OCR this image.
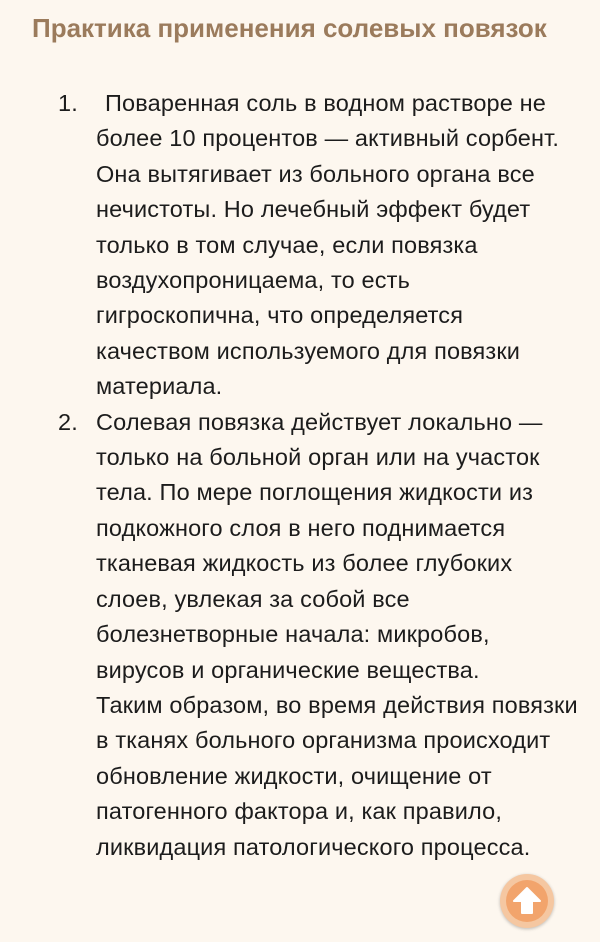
Практика применения солевых повязок
1.	Поваренная соль в водном растворе не более 10 процентов — активный сорбент. Она вытягивает из больного органа все нечистоты. Но лечебный эффект будет только в том случае, если повязка воздухопроницаема, то есть гигроскопична, что определяется качеством используемого для повязки материала.
2. Солевая повязка действует локально — только на больной орган или на участок тела. По мере поглощения жидкости из подкожного слоя в него поднимается тканевая жидкость из более глубоких слоев, увлекая за собой все болезнетворные начала: микробов, вирусов и органические вещества.
Таким образом, во время действия повязки в тканях больного организма происходит обновление жидкости, очищение от патогенного фактора и, как правило, ликвидация патологического процесса.
